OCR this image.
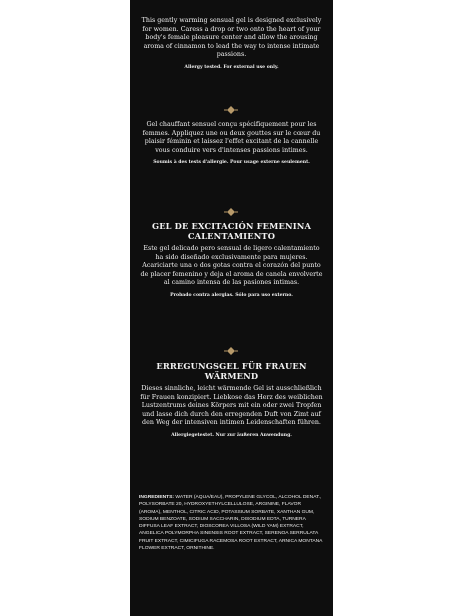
This gently warming sensual gel is designed exclusively for women. Caress a drop or two onto the heart of your body's female pleasure center and allow the arousing aroma of cinnamon to lead the way to intense intimate passions.

Allergy tested. For external use only.

Gel chauffant sensuel conçu spécifiquement pour les femmes. Appliquez une ou deux gouttes sur le cœur du plaisir féminin et laissez l'effet excitant de la cannelle vous conduire vers d'intenses passions intimes.

Soumis à des tests d'allergie. Pour usage externe seulement.

GEL DE EXCITACIÓN FEMENINA CALENTAMIENTO

Este gel delicado pero sensual de ligero calentamiento ha sido diseñado exclusivamente para mujeres. Acariciarte una o dos gotas contra el corazón del punto de placer femenino y deja el aroma de canela envolverte al camino intensa de las pasiones intimas.

Probado contra alergias. Sólo para uso externo.

ERREGUNGSGEL FÜR FRAUEN WÄRMEND

Dieses sinnliche, leicht wärmende Gel ist ausschließlich für Frauen konzipiert. Liebkose das Herz des weiblichen Lustzentrums deines Körpers mit ein oder zwei Tropfen und lasse dich durch den erregenden Duft von Zimt auf den Weg der intensiven intimen Leidenschaften führen.

Allergiegetestet. Nur zur äußeren Anwendung.

INGREDIENTS: WATER (AQUA/EAU), PROPYLENE GLYCOL, ALCOHOL DENAT., POLYSORBATE 20, HYDROXYETHYLCELLULOSE, ARGININE, FLAVOR (AROMA), MENTHOL, CITRIC ACID, POTASSIUM SORBATE, XANTHAN GUM, SODIUM BENZOATE, SODIUM SACCHARIN, DISODIUM EDTA, TURNERA DIFFUSA LEAF EXTRACT, DIOSCOREA VILLOSA (WILD YAM) EXTRACT, ANGELICA POLYMORPHA SINENSIS ROOT EXTRACT, SERENOA SERRULATA FRUIT EXTRACT, CIMICIFUGA RACEMOSA ROOT EXTRACT, ARNICA MONTANA FLOWER EXTRACT, ORNITHINE.
